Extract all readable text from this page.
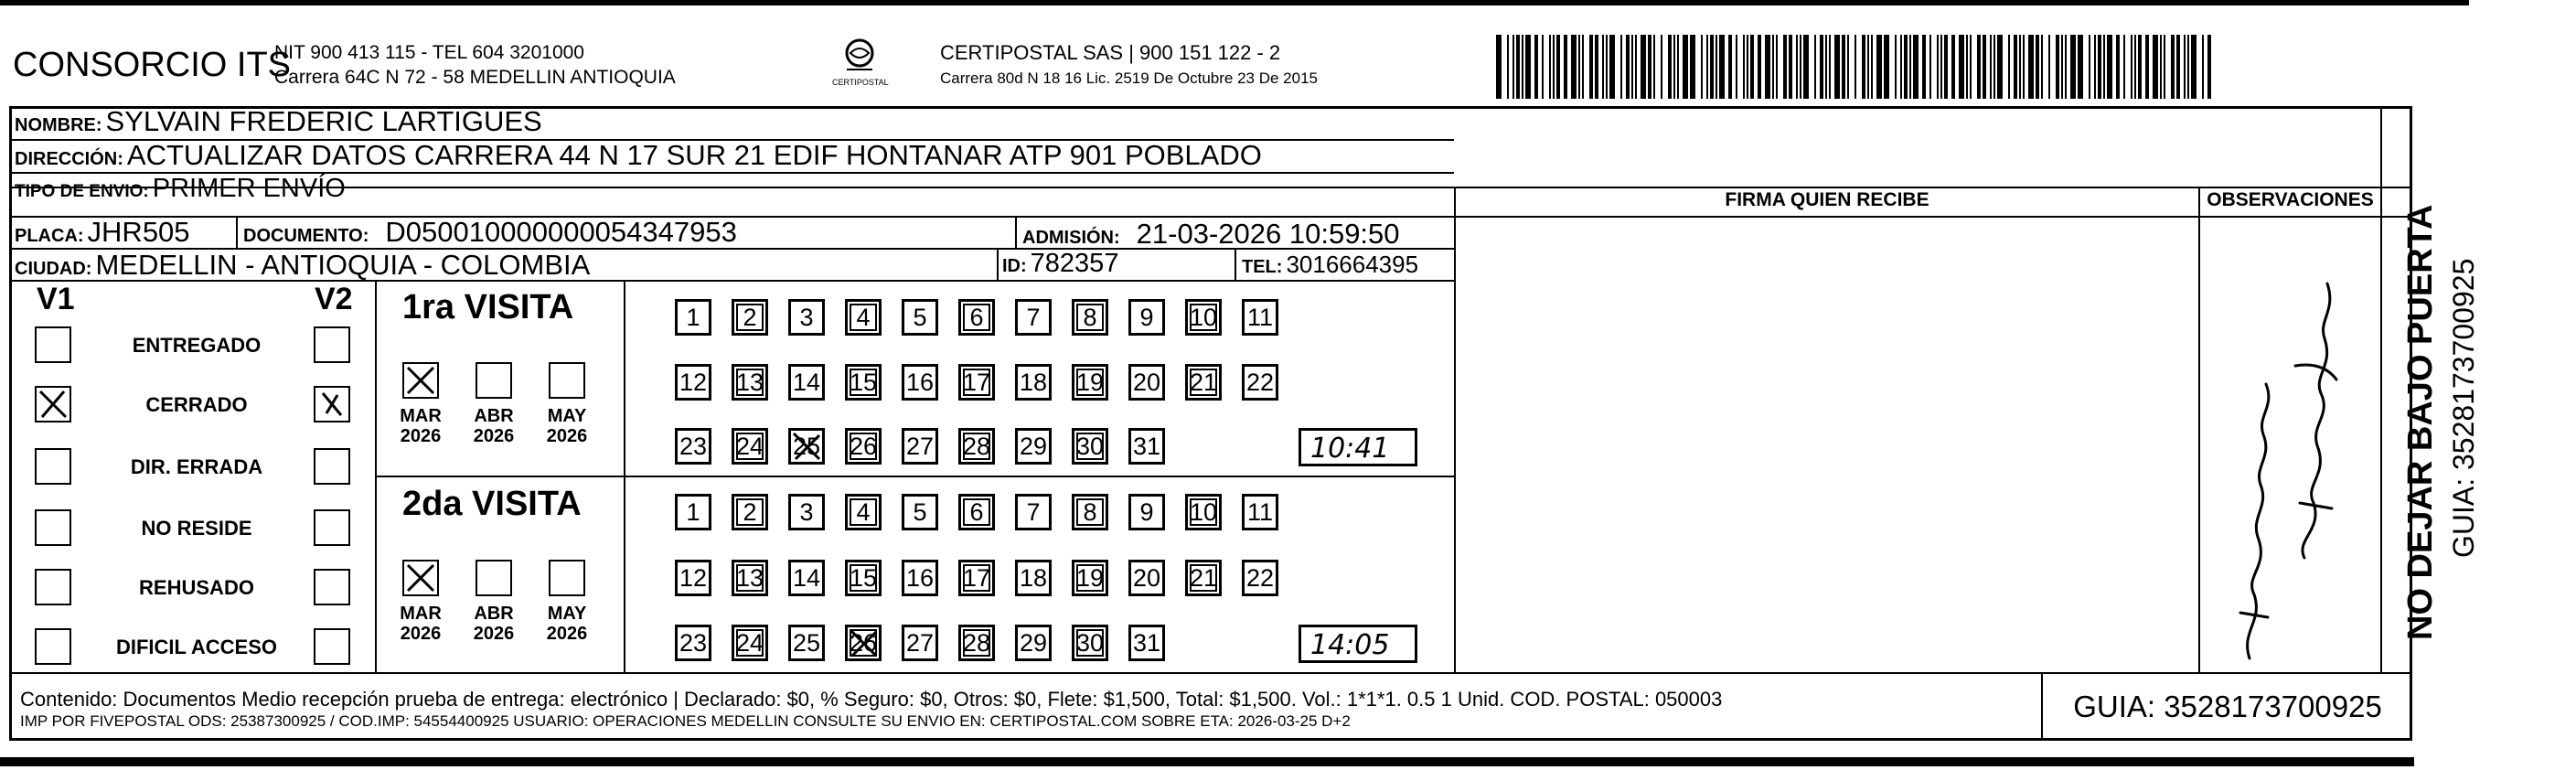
CONSORCIO ITS
NIT 900 413 115 - TEL 604 3201000
Carrera 64C N 72 - 58 MEDELLIN ANTIOQUIA	CERTIPOSTAL
CERTIPOSTAL SAS | 900 151 122 - 2
Carrera 80d N 18 16 Lic. 2519 De Octubre 23 De 2015
NOMBRE: SYLVAIN FREDERIC LARTIGUES
DIRECCIÓN: ACTUALIZAR DATOS CARRERA 44 N 17 SUR 21 EDIF HONTANAR ATP 901 POBLADO
TIPO DE ENVIO: PRIMER ENVÍO	FIRMA QUIEN RECIBE	OBSERVACIONES
PLACA: JHR505	DOCUMENTO: D050010000000054347953	ADMISIÓN: 21-03-2026 10:59:50
CIUDAD: MEDELLIN - ANTIOQUIA - COLOMBIA	ID: 782357	TEL: 3016664395
V1	V2
ENTREGADO
CERRADO
DIR. ERRADA
NO RESIDE
REHUSADO
DIFICIL ACCESO
1ra VISITA
MAR
2026
ABR
2026
MAY
2026
1	2	3	4	5	6	7	8	9	10 11
12 13 14 15 16 17 18 19 20 21 22
23 24 25 26 27 28 29 30 31	10:41
2da VISITA
MAR
2026
ABR
2026
MAY
2026
1	2	3	4	5	6	7	8	9	10 11
12 13 14 15 16 17 18 19 20 21 22
23 24 25 26 27 28 29 30 31	14:05
NO DEJAR BAJO PUERTA GUIA: 3528173700925
Contenido: Documentos Medio recepción prueba de entrega: electrónico | Declarado: $0, % Seguro: $0, Otros: $0, Flete: $1,500, Total: $1,500. Vol.: 1*1*1. 0.5 1 Unid. COD. POSTAL: 050003
IMP POR FIVEPOSTAL ODS: 25387300925 / COD.IMP: 54554400925 USUARIO: OPERACIONES MEDELLIN CONSULTE SU ENVIO EN: CERTIPOSTAL.COM SOBRE ETA: 2026-03-25 D+2	GUIA: 3528173700925
